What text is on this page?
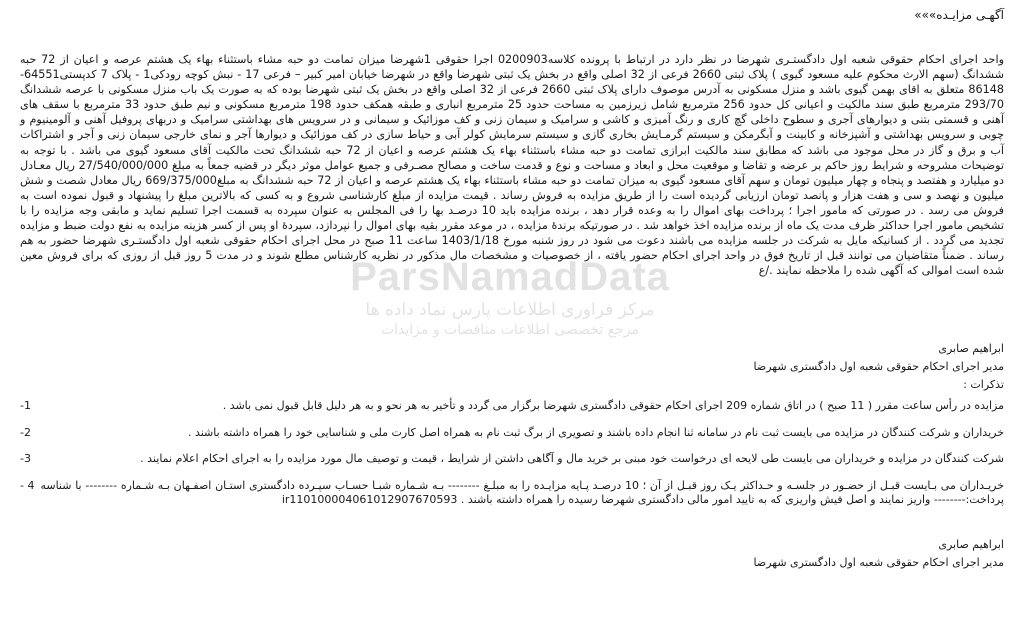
آگهـی مزایـده»»»

واحد اجرای احکام حقوقی شعبه اول دادگستـری شهرضا در نظر دارد در ارتباط با پرونده کلاسه0200903 اجرا حقوقی 1شهرضا میزان تمامت دو حبه مشاء باستثناء بهاء یک هشتم عرصه و اعیان از 72 حبه ششدانگ (سهم الارث محکوم علیه مسعود گیوی ) پلاک ثبتی 2660 فرعی از 32 اصلی واقع در بخش یک ثبتی شهرضا واقع در شهرضا خیابان امیر کبیر – فرعی 17 - نبش کوچه رودکی1 - پلاک 7 کدپستی64551-86148 متعلق به اقای بهمن گیوی باشد و منزل مسکونی به آدرس موصوف دارای پلاک ثبتی 2660 فرعی از 32 اصلی واقع در بخش یک ثبتی شهرضا بوده که به صورت یک باب منزل مسکونی با عرصه ششدانگ 293/70 مترمربع طبق سند مالکیت و اعیانی کل حدود 256 مترمربع شامل زیرزمین به مساحت حدود 25 مترمربع انباری و طبقه همکف حدود 198 مترمربع مسکونی و نیم طبق حدود 33 مترمربع با سقف های آهنی و قسمتی بتنی و دیوارهای آجری و سطوح داخلی گچ کاری و رنگ آمیزی و کاشی و سرامیک و سیمان زنی و کف موزائیک و سیمانی و در سرویس های بهداشتی سرامیک و دربهای پروفیل آهنی و آلومینیوم و چوبی و سرویس بهداشتی و آشپزخانه و کابینت و آبگرمکن و سیستم گرمـایش بخاری گازی و سیستم سرمایش کولر آبی و حیاط سازی در کف موزائیک و دیوارها آجر و نمای خارجی سیمان زنی و آجر و اشتراکات آب و برق و گاز در محل موجود می باشد که مطابق سند مالکیت ابرازی تمامت دو حبه مشاء باستثناء بهاء یک هشتم عرصه و اعیان از 72 حبه ششدانگ تحت مالکیت آقای مسعود گیوی می باشد . با توجه به توضیحات مشروحه و شرایط روز حاکم بر عرضه و تقاضا و موقعیت محل و ابعاد و مساحت و نوع و قدمت ساخت و مصالح مصـرفی و جمیع عوامل موثر دیگر در قضیه جمعاً به مبلغ 27/540/000/000 ریال معـادل دو میلیارد و هفتصد و پنجاه و چهار میلیون تومان و سهم آقای مسعود گیوی به میزان تمامت دو حبه مشاء باستثناء بهاء یک هشتم عرصه و اعیان از 72 حبه ششدانگ به مبلغ669/375/000 ریال معادل شصت و شش میلیون و نهصد و سی و هفت هزار و پانصد تومان ارزیابی گردیده است را از طریق مزایده به فروش رساند . قیمت مزایده از مبلغ کارشناسی شروع و به کسی که بالاترین مبلغ را پیشنهاد و قبول نموده است به فروش می رسد . در صورتی که مامور اجرا ؛ پرداخت بهای اموال را به وعده قرار دهد ، برنده مزایده باید 10 درصـد بها را فی المجلس به عنوان سپرده به قسمت اجرا تسلیم نماید و مابقی وجه مزایده را با تشخیص مامور اجرا حداکثر ظرف مدت یک ماه از برنده مزایده اخذ خواهد شد . در صورتیکه برندۀ مزایده ، در موعد مقرر بقیه بهای اموال را نپردازد، سپردۀ او پس از کسر هزینه مزایده به نفع دولت ضبط و مزایده تجدید می گردد . از کسانیکه مایل به شرکت در جلسه مزایده می باشند دعوت می شود در روز شنبه مورخ 1403/1/18 ساعت 11 صبح در محل اجرای احکام حقوقی شعبه اول دادگستـری شهرضا حضور به هم رساند . ضمناً متقاضیان می توانند قبل از تاریخ فوق در واحد اجرای احکام حضور یافته ، از خصوصیات و مشخصات مال مذکور در نظریه کارشناس مطلع شوند و در مدت 5 روز قبل از روزی که برای فروش معین شده است اموالی که آگهی شده را ملاحظه نمایند ./ع

ابراهیم صابری

مدیر اجرای احکام حقوقی شعبه اول دادگستری شهرضا

تذکرات :

مزایده در رأس ساعت مقرر ( 11 صبح ) در اتاق شماره 209 اجرای احکام حقوقی دادگستری شهرضا برگزار می گردد و تأخیر به هر نحو و به هر دلیل قابل قبول نمی باشد .
1-
خریداران و شرکت کنندگان در مزایده می بایست ثبت نام در سامانه ثنا انجام داده باشند و تصویری از برگ ثبت نام به همراه اصل کارت ملی و شناسایی خود را همراه داشته باشند .
2-
شرکت کنندگان در مزایده و خریداران می بایست طی لایحه ای درخواست خود مبنی بر خرید مال و آگاهی داشتن از شرایط ، قیمت و توصیف مال مورد مزایده را به اجرای احکام اعلام نمایند .
3-
خریـداران می بـایست قبـل از حضـور در جلسـه و حـداکثر یـک روز قبـل از آن ؛ 10 درصـد پـایه مزایـده را به مبلـغ -------- بـه شـماره شبـا حسـاب سپـرده دادگستری استـان اصفـهان بـه شـماره -------- با شناسه پرداخت:-------- واریز نمایند و اصل فیش واریزی که به تایید امور مالی دادگستری شهرضا رسیده را همراه داشته باشند . ir110100004061012907670593
4 -

ابراهیم صابری

مدیر اجرای احکام حقوقی شعبه اول دادگستری شهرضا

ParsNamadData
مرکز فراوری اطلاعات پارس نماد داده ها
مرجع تخصصی اطلاعات مناقصات و مزایدات
